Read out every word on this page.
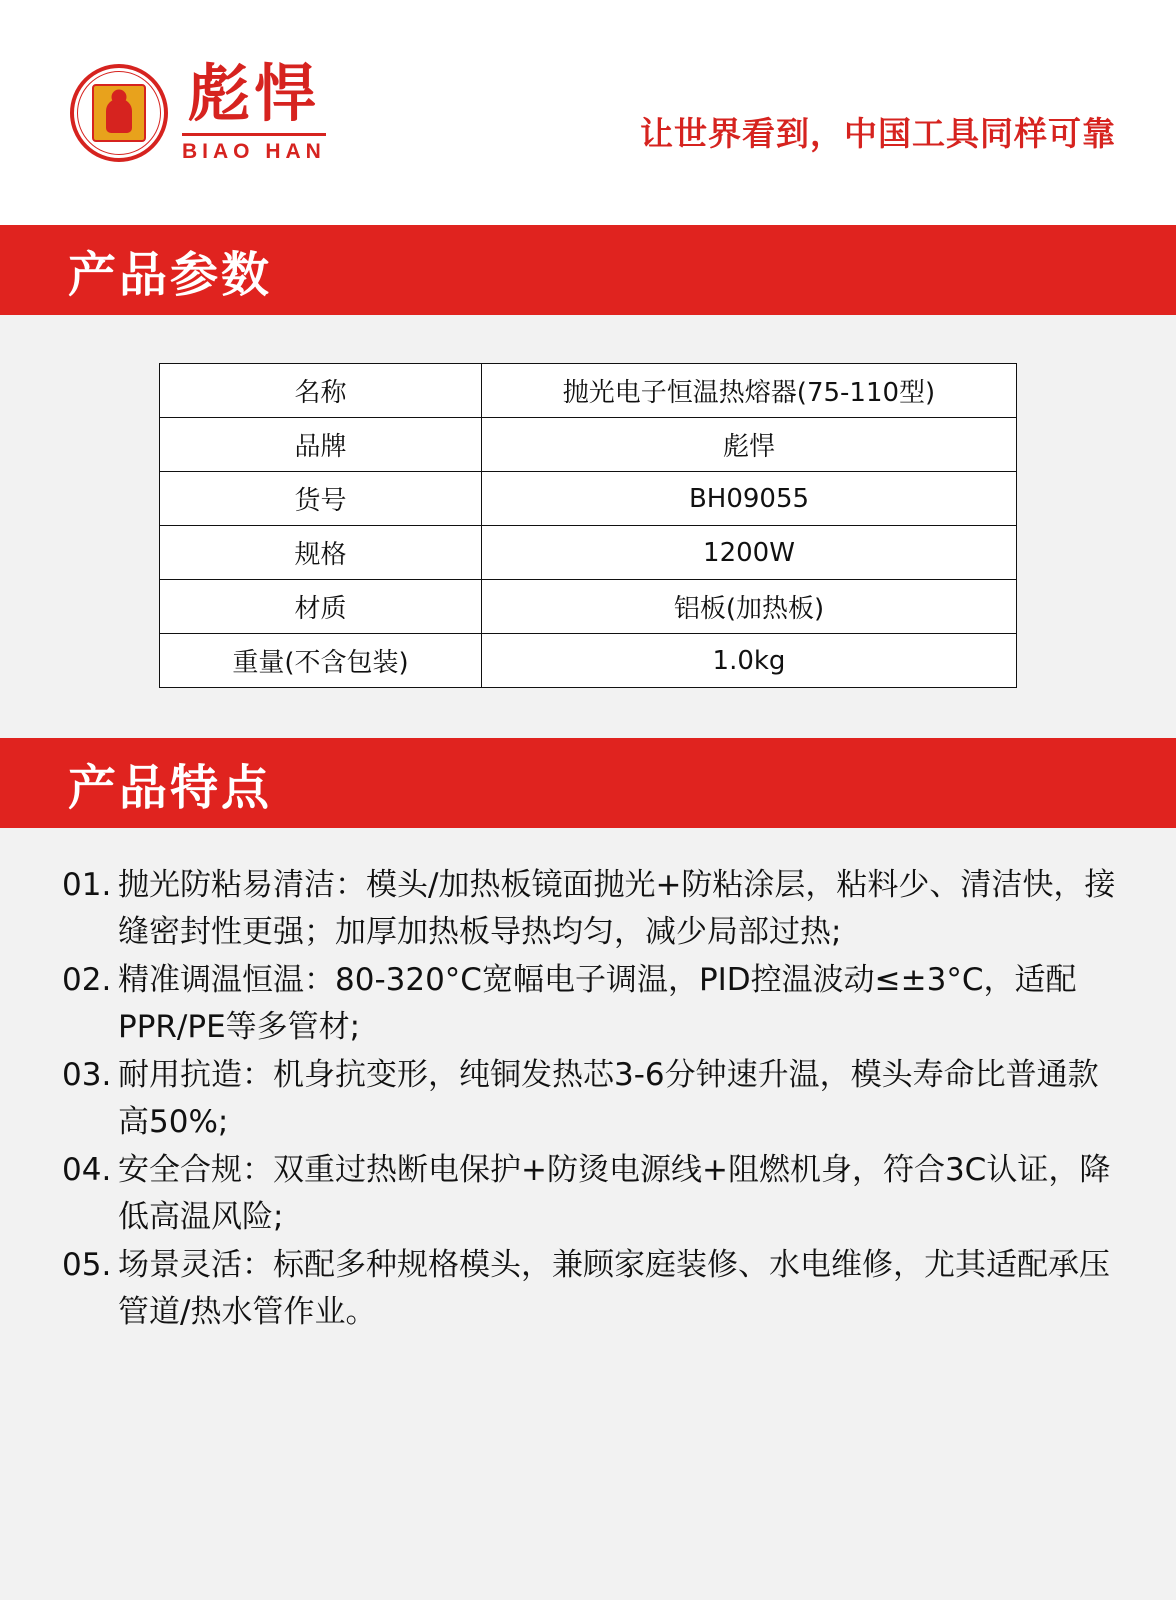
彪悍
BIAO HAN	让世界看到，中国工具同样可靠
产品参数
名称	抛光电子恒温热熔器(75-110型)
品牌	彪悍
货号	BH09055
规格	1200W
材质	铝板(加热板)
重量(不含包装)	1.0kg
产品特点
01. 抛光防粘易清洁：模头/加热板镜面抛光+防粘涂层，粘料少、清洁快，接缝密封性更强；加厚加热板导热均匀，减少局部过热;
02. 精准调温恒温：80-320°C宽幅电子调温，PID控温波动≤±3°C，适配PPR/PE等多管材;
03. 耐用抗造：机身抗变形，纯铜发热芯3-6分钟速升温，模头寿命比普通款高50%;
04. 安全合规：双重过热断电保护+防烫电源线+阻燃机身，符合3C认证，降低高温风险;
05. 场景灵活：标配多种规格模头，兼顾家庭装修、水电维修，尤其适配承压管道/热水管作业。
